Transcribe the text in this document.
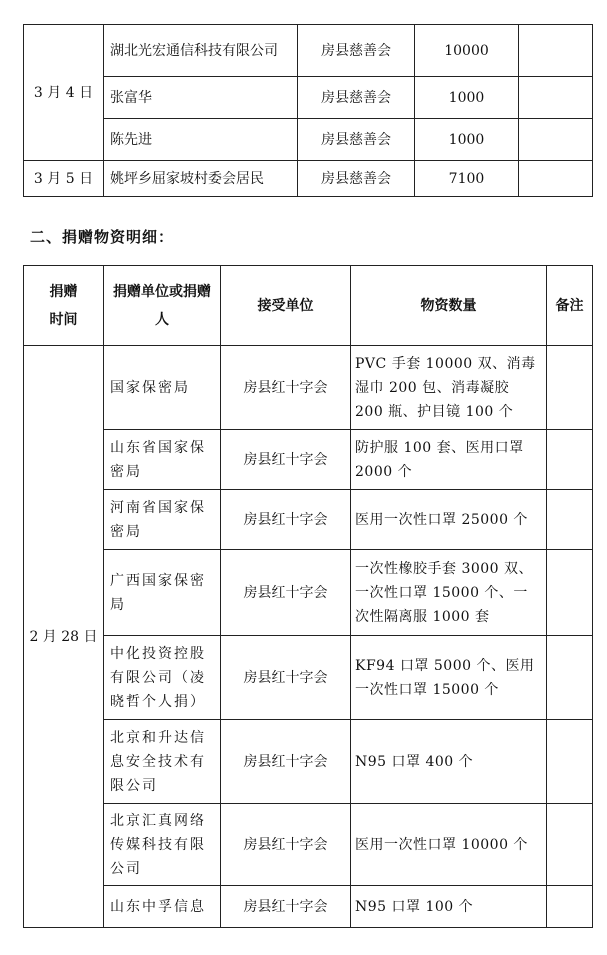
3 月 4 日	湖北光宏通信科技有限公司	房县慈善会	10000	
	张富华	房县慈善会	1000	
	陈先进	房县慈善会	1000	
3 月 5 日	姚坪乡屈家坡村委会居民	房县慈善会	7100	
二、捐赠物资明细：
捐赠
时间	捐赠单位或捐赠人	接受单位	物资数量	备注
2 月 28 日	国家保密局	房县红十字会	PVC 手套 10000 双、消毒湿巾 200 包、消毒凝胶 200 瓶、护目镜 100 个	
	山东省国家保密局	房县红十字会	防护服 100 套、医用口罩 2000 个	
	河南省国家保密局	房县红十字会	医用一次性口罩 25000 个	
	广西国家保密局	房县红十字会	一次性橡胶手套 3000 双、一次性口罩 15000 个、一次性隔离服 1000 套	
	中化投资控股有限公司（凌晓哲个人捐）	房县红十字会	KF94 口罩 5000 个、医用一次性口罩 15000 个	
	北京和升达信息安全技术有限公司	房县红十字会	N95 口罩 400 个	
	北京汇真网络传媒科技有限公司	房县红十字会	医用一次性口罩 10000 个	
	山东中孚信息	房县红十字会	N95 口罩 100 个	
